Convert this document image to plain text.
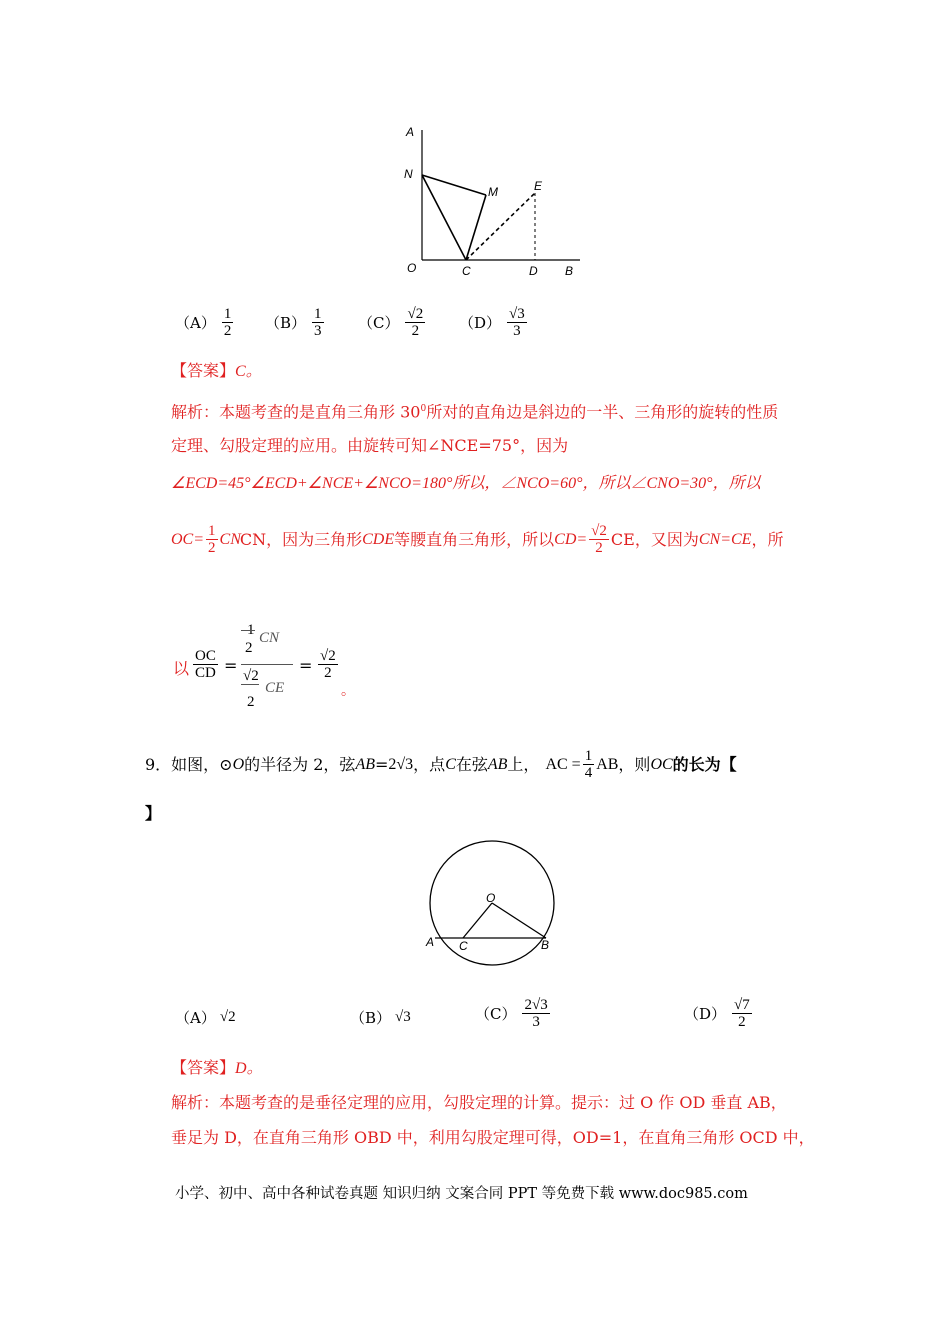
A
N
M	E
O	C	D B
$(A) \frac{1}{2} (B) \frac{1}{3} (C) \frac{√2}{2} (D) \frac{√3}{3}$
【答案】C。
解析：本题考查的是直角三角形 $30^0$所对的直角边是斜边的一半、三角形的旋转的性质
定理、勾股定理的应用。由旋转可知∠NCE=75°，因为
∠ECD=45°∠ECD+∠NCE+∠NCO=180°所以，∠NCO=60°，所以∠CNO=30°，所以
$OC= \frac{1}{2}$ CN CN，因为三角形 CDE 等腰直角三角形，所以 $CD= \frac{√2}{2}$ CE，又因为 CN=CE ，所
以 $\frac{OC}{CD}$ =
1
2
CN
√2
2
CE
= $\frac{√2}{2}$
。
9．如图，⊙ O 的半径为 2，弦 AB = 2√3 ，点 C 在弦 AB 上， AC = $\frac{1}{4}$ AB ，则 OC 的长为【
】
O
A C	B
（A） √2	（B） √3	$(C) \frac{2√3}{3}$	$(D) \frac{√7}{2}$
【答案】D。
解析：本题考查的是垂径定理的应用，勾股定理的计算。提示：过 O 作 OD 垂直 AB，
垂足为 D，在直角三角形 OBD 中，利用勾股定理可得，OD=1，在直角三角形 OCD 中，
小学、初中、高中各种试卷真题 知识归纳 文案合同 PPT 等免费下载 www.doc985.com
